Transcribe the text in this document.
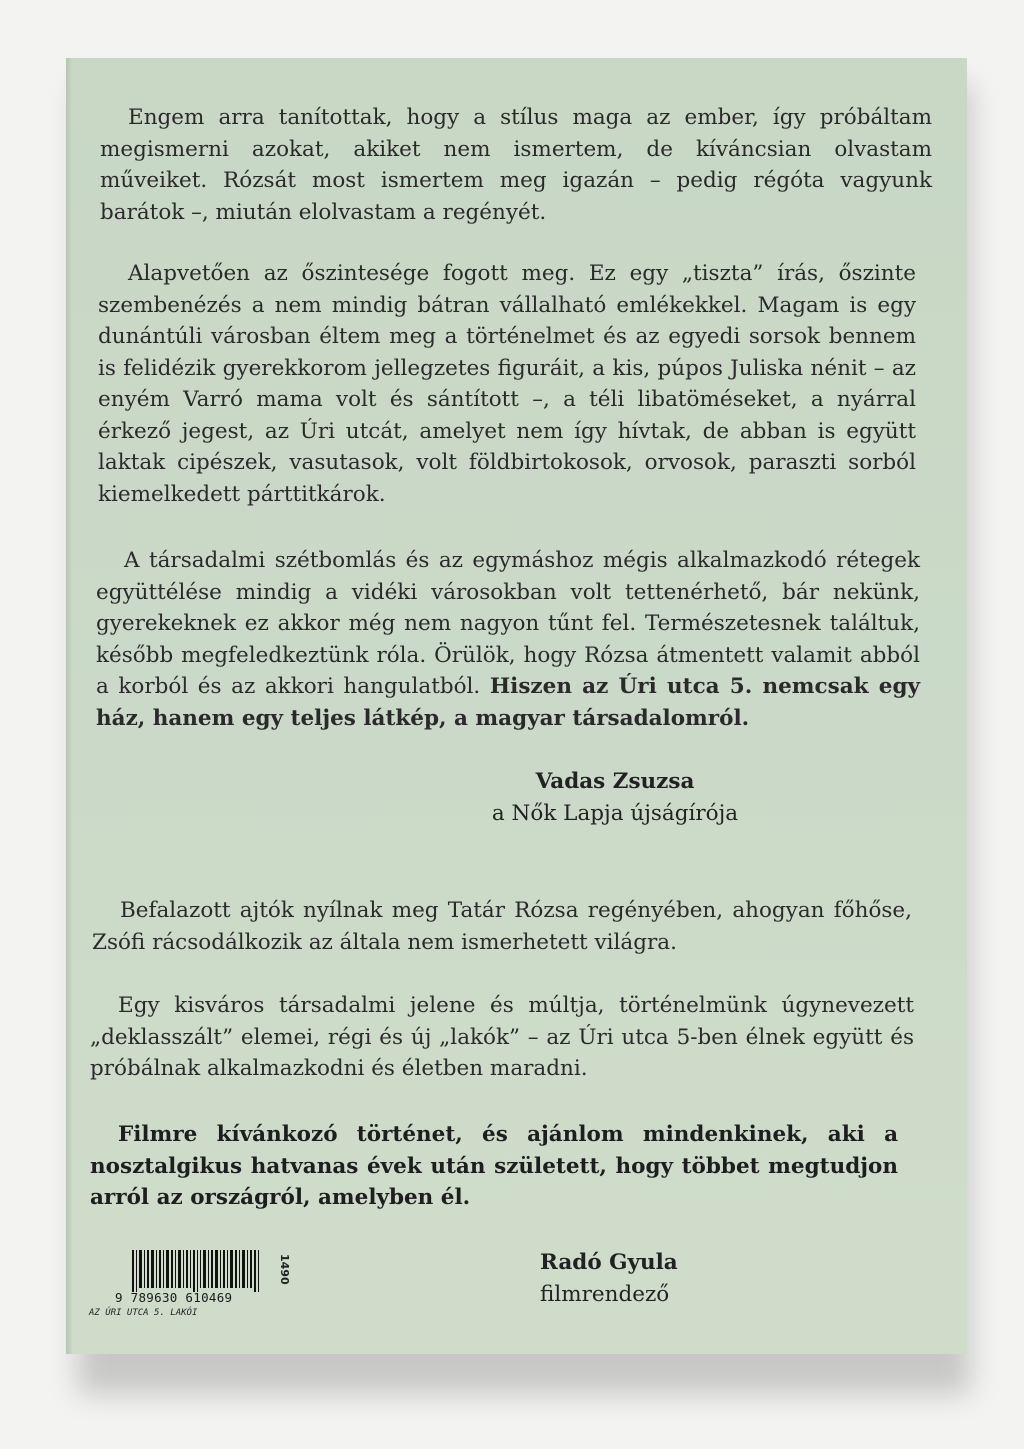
Engem arra tanítottak, hogy a stílus maga az ember, így próbáltam megismerni azokat, akiket nem ismertem, de kíváncsian olvastam műveiket. Rózsát most ismertem meg igazán – pedig régóta vagyunk barátok –, miután elolvastam a regényét.

Alapvetően az őszintesége fogott meg. Ez egy „tiszta” írás, őszinte szembenézés a nem mindig bátran vállalható emlékekkel. Magam is egy dunántúli városban éltem meg a történelmet és az egyedi sorsok bennem is felidézik gyerekkorom jellegzetes figuráit, a kis, púpos Juliska nénit – az enyém Varró mama volt és sántított –, a téli libatöméseket, a nyárral érkező jegest, az Úri utcát, amelyet nem így hívtak, de abban is együtt laktak cipészek, vasutasok, volt földbirtokosok, orvosok, paraszti sorból kiemelkedett párttitkárok.

A társadalmi szétbomlás és az egymáshoz mégis alkalmazkodó rétegek együttélése mindig a vidéki városokban volt tettenérhető, bár nekünk, gyerekeknek ez akkor még nem nagyon tűnt fel. Természetesnek találtuk, később megfeledkeztünk róla. Örülök, hogy Rózsa átmentett valamit abból a korból és az akkori hangulatból. Hiszen az Úri utca 5. nemcsak egy ház, hanem egy teljes látkép, a magyar társadalomról.

Vadas Zsuzsa
a Nők Lapja újságírója

Befalazott ajtók nyílnak meg Tatár Rózsa regényében, ahogyan főhőse, Zsófi rácsodálkozik az általa nem ismerhetett világra.

Egy kisváros társadalmi jelene és múltja, történelmünk úgynevezett „deklasszált” elemei, régi és új „lakók” – az Úri utca 5-ben élnek együtt és próbálnak alkalmazkodni és életben maradni.

Filmre kívánkozó történet, és ajánlom mindenkinek, aki a nosztalgikus hatvanas évek után született, hogy többet megtudjon arról az országról, amelyben él.

Radó Gyula
filmrendező
9 789630 610469
AZ ÚRI UTCA 5. LAKÓI
1490
